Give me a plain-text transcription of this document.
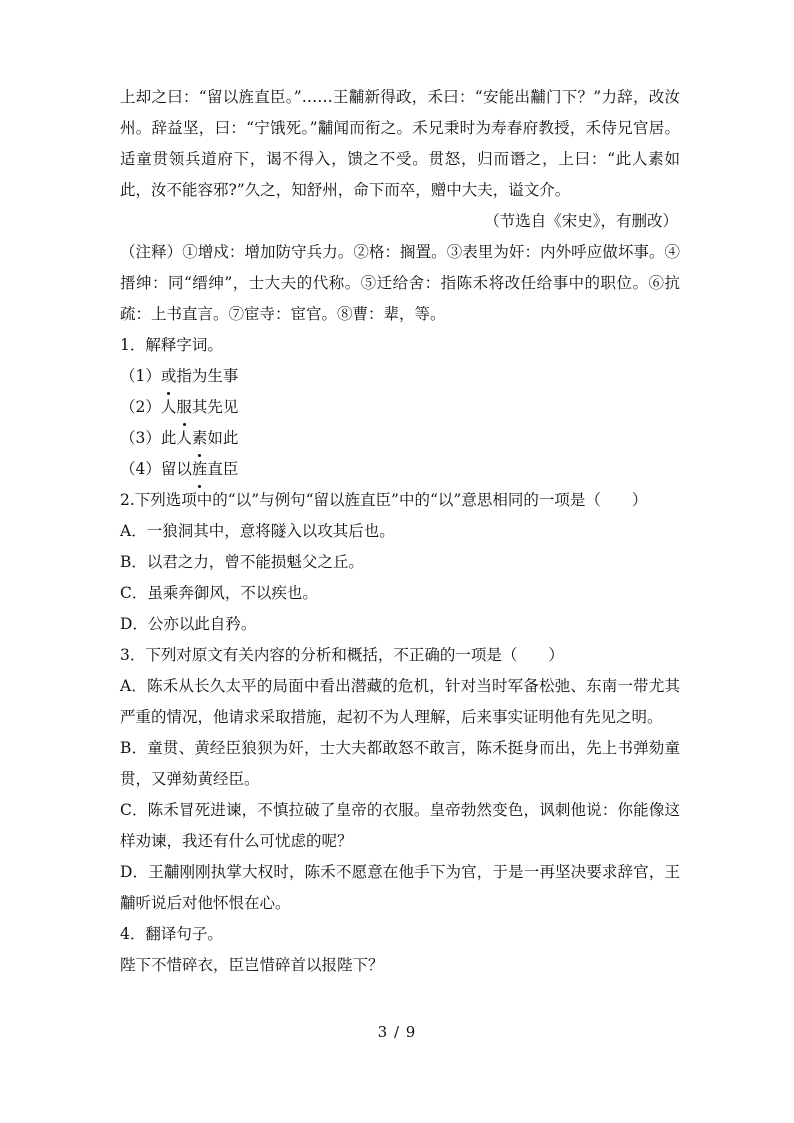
上却之曰：“留以旌直臣。”……王黼新得政，禾曰：“安能出黼门下？”力辞，改汝州。辞益坚，曰：“宁饿死。”黼闻而衔之。禾兄秉时为寿春府教授，禾侍兄官居。适童贯领兵道府下，谒不得入，馈之不受。贯怒，归而谮之，上曰：“此人素如此，汝不能容邪?”久之，知舒州，命下而卒，赠中大夫，谥文介。

（节选自《宋史》，有删改）

（注释）①增戍：增加防守兵力。②格：搁置。③表里为奸：内外呼应做坏事。④搢绅：同“缙绅”，士大夫的代称。⑤迁给舍：指陈禾将改任给事中的职位。⑥抗疏：上书直言。⑦宦寺：宦官。⑧曹：辈，等。

1．解释字词。

（1）或指为生事

（2）人服其先见

（3）此人素如此

（4）留以旌直臣

2.下列选项中的“以”与例句“留以旌直臣”中的“以”意思相同的一项是（　　）

A．一狼洞其中，意将隧入以攻其后也。

B．以君之力，曾不能损魁父之丘。

C．虽乘奔御风，不以疾也。

D．公亦以此自矜。

3．下列对原文有关内容的分析和概括，不正确的一项是（　　）

A．陈禾从长久太平的局面中看出潜藏的危机，针对当时军备松弛、东南一带尤其严重的情况，他请求采取措施，起初不为人理解，后来事实证明他有先见之明。

B．童贯、黄经臣狼狈为奸，士大夫都敢怒不敢言，陈禾挺身而出，先上书弹劾童贯，又弹劾黄经臣。

C．陈禾冒死进谏，不慎拉破了皇帝的衣服。皇帝勃然变色，讽刺他说：你能像这样劝谏，我还有什么可忧虑的呢？

D．王黼刚刚执掌大权时，陈禾不愿意在他手下为官，于是一再坚决要求辞官，王黼听说后对他怀恨在心。

4．翻译句子。

陛下不惜碎衣，臣岂惜碎首以报陛下？

3 / 9
